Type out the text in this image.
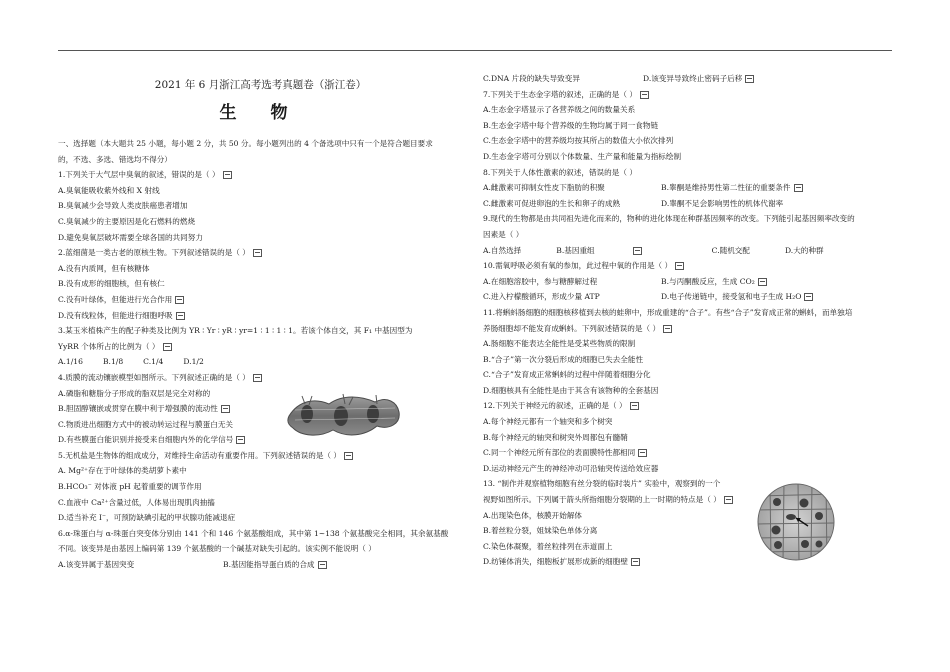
2021 年 6 月浙江高考选考真题卷（浙江卷）
生 物
一、选择题（本大题共 25 小题，每小题 2 分，共 50 分。每小题列出的 4 个备选项中只有一个是符合题目要求
的，不选、多选、错选均不得分）
1.下列关于大气层中臭氧的叙述，错误的是（ ）
A.臭氧能吸收紫外线和 X 射线
B.臭氧减少会导致人类皮肤癌患者增加
C.臭氧减少的主要原因是化石燃料的燃烧
D.避免臭氧层破坏需要全球各国的共同努力
2.蓝细菌是一类古老的原核生物。下列叙述错误的是（ ）
A.没有内质网，但有核糖体
B.没有成形的细胞核，但有核仁
C.没有叶绿体，但能进行光合作用
D.没有线粒体，但能进行细胞呼吸
3.某玉米植株产生的配子种类及比例为 YR ∶ Yr ∶ yR ∶ yr=1 ∶ 1 ∶ 1 ∶ 1。若该个体自交，其 F₁ 中基因型为
YyRR 个体所占的比例为（ ）
A.1/16	B.1/8	C.1/4	D.1/2
4.质膜的流动镶嵌模型如图所示。下列叙述正确的是（ ）
A.磷脂和糖脂分子形成的脂双层是完全对称的
B.胆固醇镶嵌或贯穿在膜中利于增强膜的流动性
C.物质进出细胞方式中的被动转运过程与膜蛋白无关
D.有些膜蛋白能识别并接受来自细胞内外的化学信号
5.无机盐是生物体的组成成分，对维持生命活动有重要作用。下列叙述错误的是（ ）
A. Mg²⁺存在于叶绿体的类胡萝卜素中
B.HCO₃⁻ 对体液 pH 起着重要的调节作用
C.血液中 Ca²⁺含量过低，人体易出现肌肉抽搐
D.适当补充 I⁻，可预防缺碘引起的甲状腺功能减退症
6.α-珠蛋白与 α-珠蛋白突变体分别由 141 个和 146 个氨基酸组成，其中第 1~138 个氨基酸完全相同，其余氨基酸
不同。该变异是由基因上编码第 139 个氨基酸的一个碱基对缺失引起的。该实例不能说明（ ）
A.该变异属于基因突变	B.基因能指导蛋白质的合成
C.DNA 片段的缺失导致变异	D.该变异导致终止密码子后移
7.下列关于生态金字塔的叙述，正确的是（ ）
A.生态金字塔显示了各营养级之间的数量关系
B.生态金字塔中每个营养级的生物均属于同一食物链
C.生态金字塔中的营养级均按其所占的数值大小依次排列
D.生态金字塔可分别以个体数量、生产量和能量为指标绘制
8.下列关于人体性激素的叙述，错误的是（ ）
A.雌激素可抑制女性皮下脂肪的积聚	B.睾酮是维持男性第二性征的重要条件
C.雌激素可促进卵泡的生长和卵子的成熟	D.睾酮不足会影响男性的机体代谢率
9.现代的生物都是由共同祖先进化而来的，物种的进化体现在种群基因频率的改变。下列能引起基因频率改变的
因素是（ ）
A.自然选择	B.基因重组	C.随机交配	D.大的种群
10.需氧呼吸必须有氧的参加，此过程中氧的作用是（ ）
A.在细胞溶胶中，参与糖酵解过程	B.与丙酮酸反应，生成 CO₂
C.进入柠檬酸循环，形成少量 ATP	D.电子传递链中，接受氢和电子生成 H₂O
11.将蝌蚪肠细胞的细胞核移植到去核的蛙卵中，形成重建的“合子”。有些“合子”发育成正常的蝌蚪，而单独培
养肠细胞却不能发育成蝌蚪。下列叙述错误的是（ ）
A.肠细胞不能表达全能性是受某些物质的限制
B.“合子”第一次分裂后形成的细胞已失去全能性
C.“合子”发育成正常蝌蚪的过程中伴随着细胞分化
D.细胞核具有全能性是由于其含有该物种的全套基因
12.下列关于神经元的叙述，正确的是（ ）
A.每个神经元都有一个轴突和多个树突
B.每个神经元的轴突和树突外周都包有髓鞘
C.同一个神经元所有部位的表面膜特性都相同
D.运动神经元产生的神经冲动可沿轴突传送给效应器
13. “制作并观察植物细胞有丝分裂的临时装片” 实验中，观察到的一个
视野如图所示。下列属于箭头所指细胞分裂期的上一时期的特点是（ ）
A.出现染色体，核膜开始解体
B.着丝粒分裂，姐妹染色单体分离
C.染色体凝聚，着丝粒排列在赤道面上
D.纺锤体消失，细胞板扩展形成新的细胞壁
